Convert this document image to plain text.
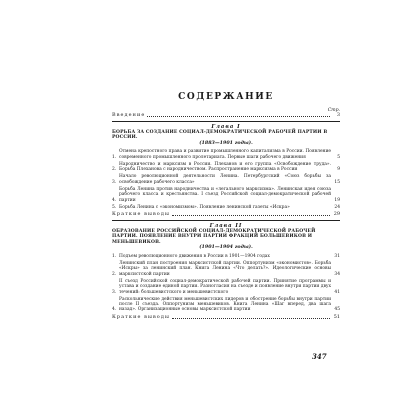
СОДЕРЖАНИЕ
Стр.
Введение	3
Глава I
БОРЬБА ЗА СОЗДАНИЕ СОЦИАЛ-ДЕМОКРАТИЧЕСКОЙ РАБОЧЕЙ ПАРТИИ В РОССИИ.
(1883—1901 годы).
1.
Отмена крепостного права и развитие промышленного капитализма в России. Появление современного промышленного пролетариата. Первые шаги рабочего движения	5
2.
Народничество и марксизм в России. Плеханов и его группа «Освобождение труда». Борьба Плеханова с народничеством. Распространение марксизма в России	9
3.
Начало революционной деятельности Ленина. Петербургский «Союз борьбы за освобождение рабочего класса»	15
4.
Борьба Ленина против народничества и «легального марксизма». Ленинская идея союза рабочего класса и крестьянства. I съезд Российской социал-демократической рабочей партии	19
5. Борьба Ленина с «экономизмом». Появление ленинской газеты «Искра»	24
Краткие выводы	29
Глава II
ОБРАЗОВАНИЕ РОССИЙСКОЙ СОЦИАЛ-ДЕМОКРАТИЧЕСКОЙ РАБОЧЕЙ ПАРТИИ. ПОЯВЛЕНИЕ ВНУТРИ ПАРТИИ ФРАКЦИЙ БОЛЬШЕВИКОВ И МЕНЬШЕВИКОВ.
(1901—1904 годы).
1. Подъем революционного движения в России в 1901—1904 годах	31
2.
Ленинский план построения марксистской партии. Оппортунизм «экономистов». Борьба «Искры» за ленинский план. Книга Ленина «Что делать?». Идеологические основы марксистской партии	34
3.
II съезд Российской социал-демократической рабочей партии. Принятие программы и устава и создание единой партии. Разногласия на съезде и появление внутри партии двух течений: большевистского и меньшевистского	41
4.
Раскольнические действия меньшевистских лидеров и обострение борьбы внутри партии после II съезда. Оппортунизм меньшевиков. Книга Ленина «Шаг вперед, два шага назад». Организационные основы марксистской партии	45
Краткие выводы	51
347
